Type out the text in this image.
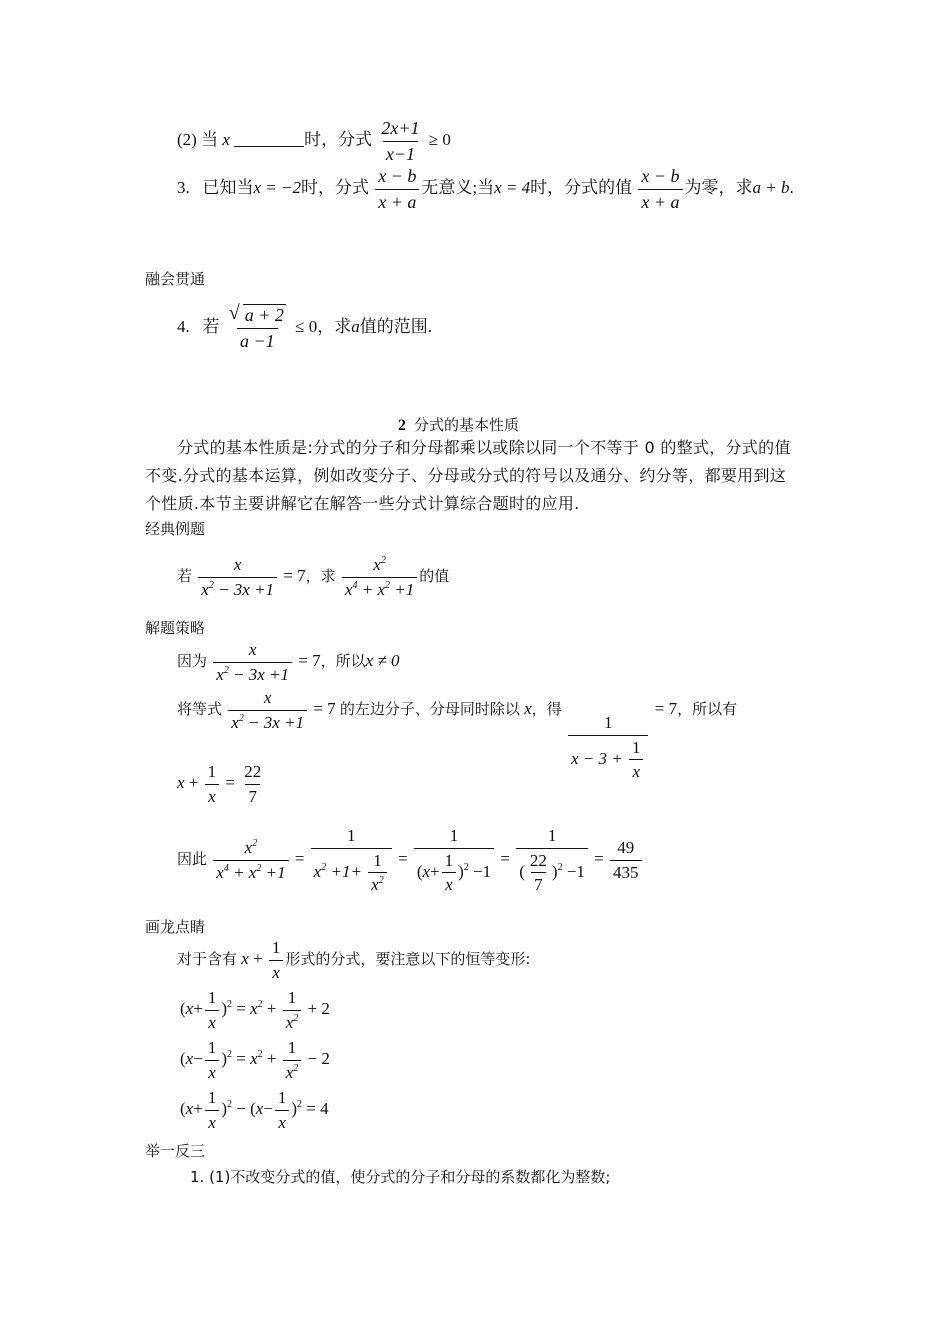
(2) 当 x	时，分式 $\frac{2x+1}{x-1} \ge 0$
3. 已知当x = −2时，分式 $\frac{x - b}{x + a}$ 无意义;当x = 4时，分式的值 $\frac{x - b}{x + a}$ 为零，求a + b.
融会贯通
4. 若 $\frac{√ a + 2}{a -1} \le 0$，求a值的范围.
2 分式的基本性质
分式的基本性质是:分式的分子和分母都乘以或除以同一个不等于 0 的整式，分式的值
不变.分式的基本运算，例如改变分子、分母或分式的符号以及通分、约分等，都要用到这
个性质.本节主要讲解它在解答一些分式计算综合题时的应用.
经典例题
若 $\frac{x}{x^2 - 3x +1} = 7$，求 $\frac{x^2}{x^4 + x^2 +1}$ 的值
解题策略
因为 $\frac{x}{x^2 - 3x +1} = 7$，所以x ≠ 0
将等式 $\frac{x}{x^2 - 3x +1} = 7$ 的左边分子、分母同时除以 x，得
$\frac{1}{x - 3 + \frac{1}{x}}$
= 7，所以有
$x + \frac{1}{x} = \frac{22}{7}$
因此 $\frac{x^2}{x^4 + x^2 +1} = \frac{1}{x^2 +1+ \frac{1}{x^2}} = \frac{1}{(x+ \frac{1}{x} )^2 -1} = \frac{1}{( \frac{22}{7} )^2 -1} = \frac{49}{435}$
画龙点睛
对于含有 $x + \frac{1}{x}$ 形式的分式，要注意以下的恒等变形:
$(x+ \frac{1}{x} )^2 = x^2 + \frac{1}{x^2} + 2$
$(x- \frac{1}{x} )^2 = x^2 + \frac{1}{x^2} - 2$
$(x+ \frac{1}{x} )^2 - (x- \frac{1}{x} )^2 = 4$
举一反三
1. (1)不改变分式的值，使分式的分子和分母的系数都化为整数;
